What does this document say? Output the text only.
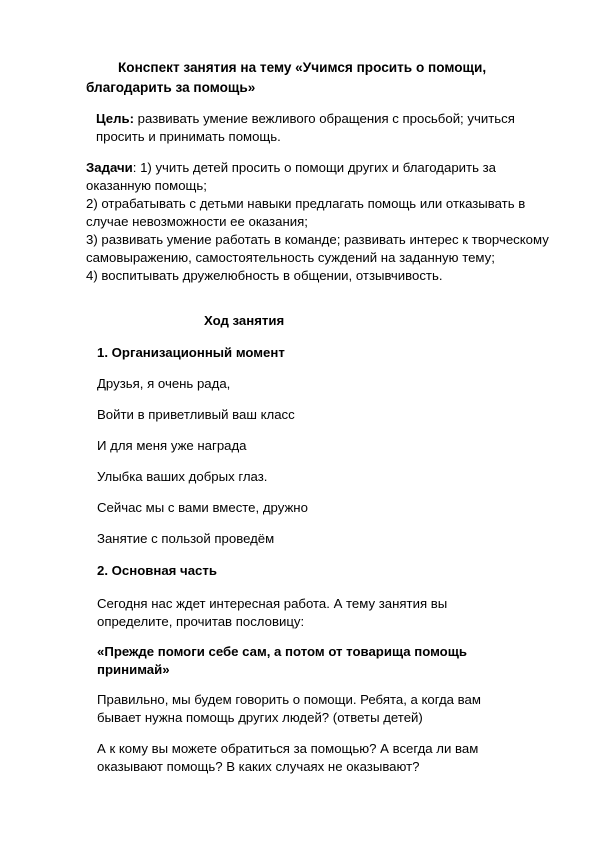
Конспект занятия на тему «Учимся просить о помощи, благодарить за помощь»
Цель: развивать умение вежливого обращения с просьбой; учиться просить и принимать помощь.

Задачи: 1) учить детей просить о помощи других и благодарить за оказанную помощь;

2) отрабатывать с детьми навыки предлагать помощь или отказывать в случае невозможности ее оказания;

3) развивать умение работать в команде; развивать интерес к творческому самовыражению, самостоятельность суждений на заданную тему;

4) воспитывать дружелюбность в общении, отзывчивость.

Ход занятия

1. Организационный момент

Друзья, я очень рада,

Войти в приветливый ваш класс

И для меня уже награда

Улыбка ваших добрых глаз.

Сейчас мы с вами вместе, дружно

Занятие с пользой проведём

2. Основная часть

Сегодня нас ждет интересная работа. А тему занятия вы определите, прочитав пословицу:

«Прежде помоги себе сам, а потом от товарища помощь принимай»

Правильно, мы будем говорить о помощи. Ребята, а когда вам бывает нужна помощь других людей? (ответы детей)

А к кому вы можете обратиться за помощью? А всегда ли вам оказывают помощь? В каких случаях не оказывают?
